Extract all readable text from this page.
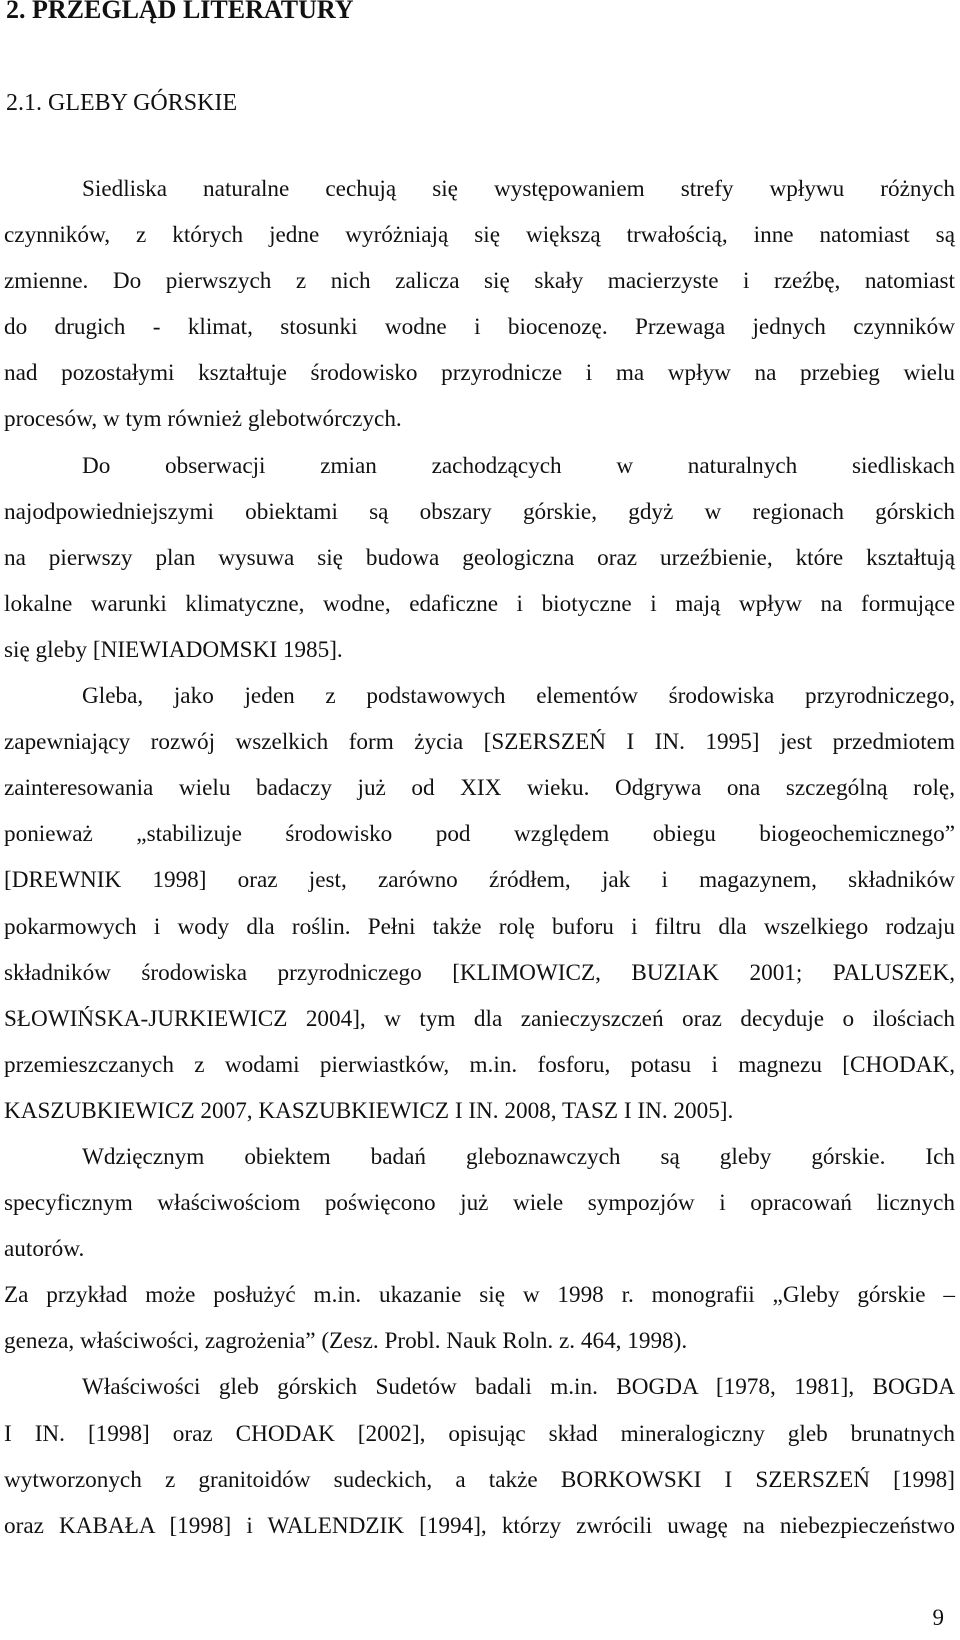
2. PRZEGLĄD LITERATURY
2.1. GLEBY GÓRSKIE
Siedliska naturalne cechują się występowaniem strefy wpływu różnych
czynników, z których jedne wyróżniają się większą trwałością, inne natomiast są
zmienne. Do pierwszych z nich zalicza się skały macierzyste i rzeźbę, natomiast
do drugich - klimat, stosunki wodne i biocenozę. Przewaga jednych czynników
nad pozostałymi kształtuje środowisko przyrodnicze i ma wpływ na przebieg wielu
procesów, w tym również glebotwórczych.
Do obserwacji zmian zachodzących w naturalnych siedliskach
najodpowiedniejszymi obiektami są obszary górskie, gdyż w regionach górskich
na pierwszy plan wysuwa się budowa geologiczna oraz urzeźbienie, które kształtują
lokalne warunki klimatyczne, wodne, edaficzne i biotyczne i mają wpływ na formujące
się gleby [NIEWIADOMSKI 1985].
Gleba, jako jeden z podstawowych elementów środowiska przyrodniczego,
zapewniający rozwój wszelkich form życia [SZERSZEŃ I IN. 1995] jest przedmiotem
zainteresowania wielu badaczy już od XIX wieku. Odgrywa ona szczególną rolę,
ponieważ „stabilizuje środowisko pod względem obiegu biogeochemicznego”
[DREWNIK 1998] oraz jest, zarówno źródłem, jak i magazynem, składników
pokarmowych i wody dla roślin. Pełni także rolę buforu i filtru dla wszelkiego rodzaju
składników środowiska przyrodniczego [KLIMOWICZ, BUZIAK 2001; PALUSZEK,
SŁOWIŃSKA-JURKIEWICZ 2004], w tym dla zanieczyszczeń oraz decyduje o ilościach
przemieszczanych z wodami pierwiastków, m.in. fosforu, potasu i magnezu [CHODAK,
KASZUBKIEWICZ 2007, KASZUBKIEWICZ I IN. 2008, TASZ I IN. 2005].
Wdzięcznym obiektem badań gleboznawczych są gleby górskie. Ich
specyficznym właściwościom poświęcono już wiele sympozjów i opracowań licznych
autorów.
Za przykład może posłużyć m.in. ukazanie się w 1998 r. monografii „Gleby górskie –
geneza, właściwości, zagrożenia” (Zesz. Probl. Nauk Roln. z. 464, 1998).
Właściwości gleb górskich Sudetów badali m.in. BOGDA [1978, 1981], BOGDA
I IN. [1998] oraz CHODAK [2002], opisując skład mineralogiczny gleb brunatnych
wytworzonych z granitoidów sudeckich, a także BORKOWSKI I SZERSZEŃ [1998]
oraz KABAŁA [1998] i WALENDZIK [1994], którzy zwrócili uwagę na niebezpieczeństwo
9
